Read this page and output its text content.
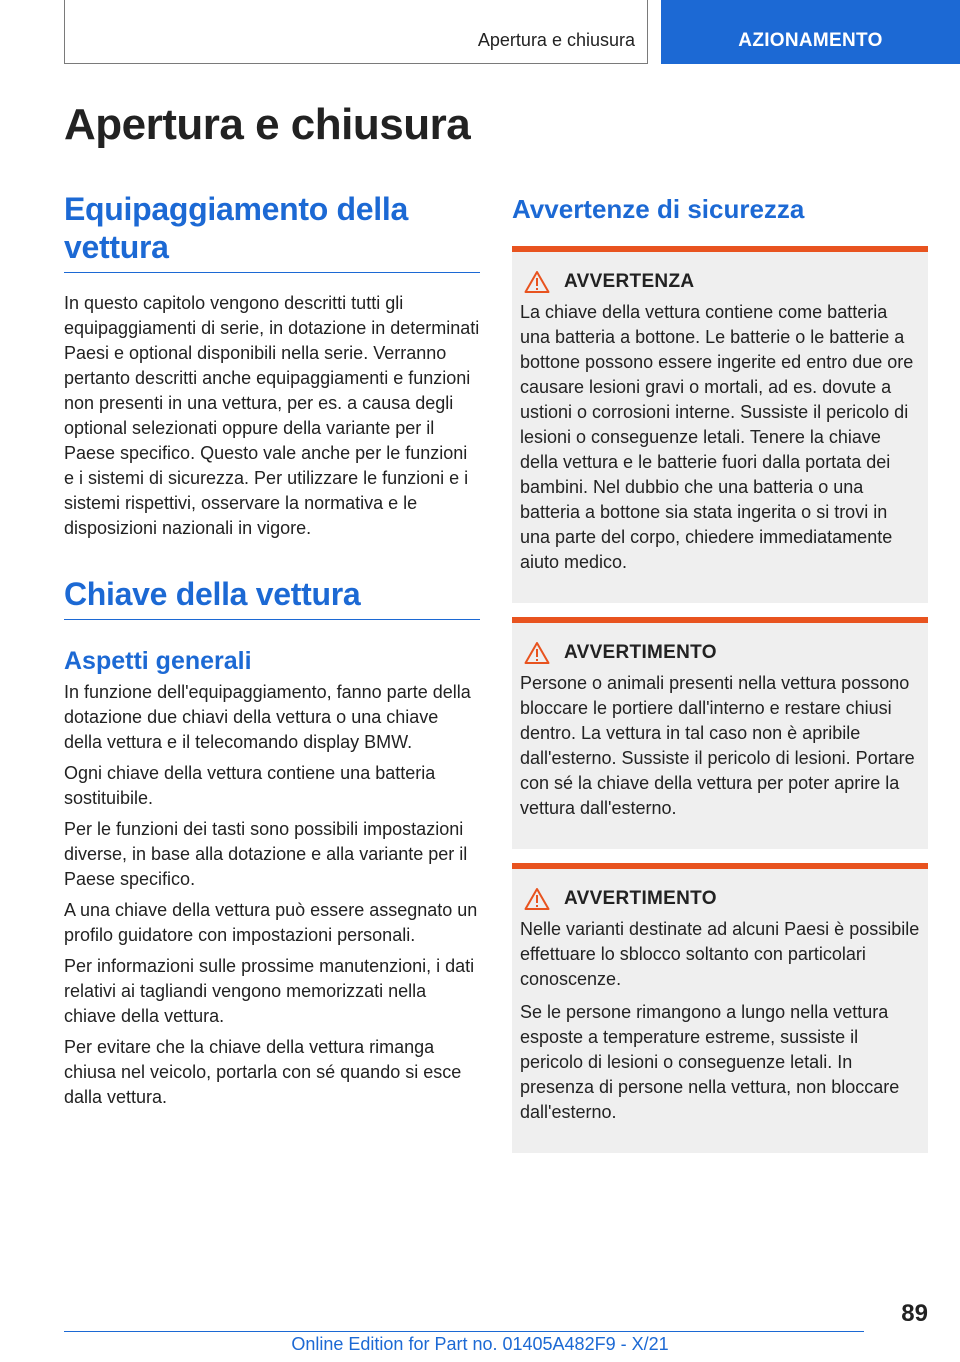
Apertura e chiusura	AZIONAMENTO
Apertura e chiusura
Equipaggiamento della vettura

In questo capitolo vengono descritti tutti gli equipaggiamenti di serie, in dotazione in determinati Paesi e optional disponibili nella serie. Verranno pertanto descritti anche equipaggiamenti e funzioni non presenti in una vettura, per es. a causa degli optional selezionati oppure della variante per il Paese specifico. Questo vale anche per le funzioni e i sistemi di sicurezza. Per utilizzare le funzioni e i sistemi rispettivi, osservare la normativa e le disposizioni nazionali in vigore.

Chiave della vettura
Aspetti generali

In funzione dell'equipaggiamento, fanno parte della dotazione due chiavi della vettura o una chiave della vettura e il telecomando display BMW.

Ogni chiave della vettura contiene una batteria sostituibile.

Per le funzioni dei tasti sono possibili impostazioni diverse, in base alla dotazione e alla variante per il Paese specifico.

A una chiave della vettura può essere assegnato un profilo guidatore con impostazioni personali.

Per informazioni sulle prossime manutenzioni, i dati relativi ai tagliandi vengono memorizzati nella chiave della vettura.

Per evitare che la chiave della vettura rimanga chiusa nel veicolo, portarla con sé quando si esce dalla vettura.

Avvertenze di sicurezza
AVVERTENZA

La chiave della vettura contiene come batteria una batteria a bottone. Le batterie o le batterie a bottone possono essere ingerite ed entro due ore causare lesioni gravi o mortali, ad es. dovute a ustioni o corrosioni interne. Sussiste il pericolo di lesioni o conseguenze letali. Tenere la chiave della vettura e le batterie fuori dalla portata dei bambini. Nel dubbio che una batteria o una batteria a bottone sia stata ingerita o si trovi in una parte del corpo, chiedere immediatamente aiuto medico.

AVVERTIMENTO

Persone o animali presenti nella vettura possono bloccare le portiere dall'interno e restare chiusi dentro. La vettura in tal caso non è apribile dall'esterno. Sussiste il pericolo di lesioni. Portare con sé la chiave della vettura per poter aprire la vettura dall'esterno.

AVVERTIMENTO

Nelle varianti destinate ad alcuni Paesi è possibile effettuare lo sblocco soltanto con particolari conoscenze.

Se le persone rimangono a lungo nella vettura esposte a temperature estreme, sussiste il pericolo di lesioni o conseguenze letali. In presenza di persone nella vettura, non bloccare dall'esterno.

89
Online Edition for Part no. 01405A482F9 - X/21
